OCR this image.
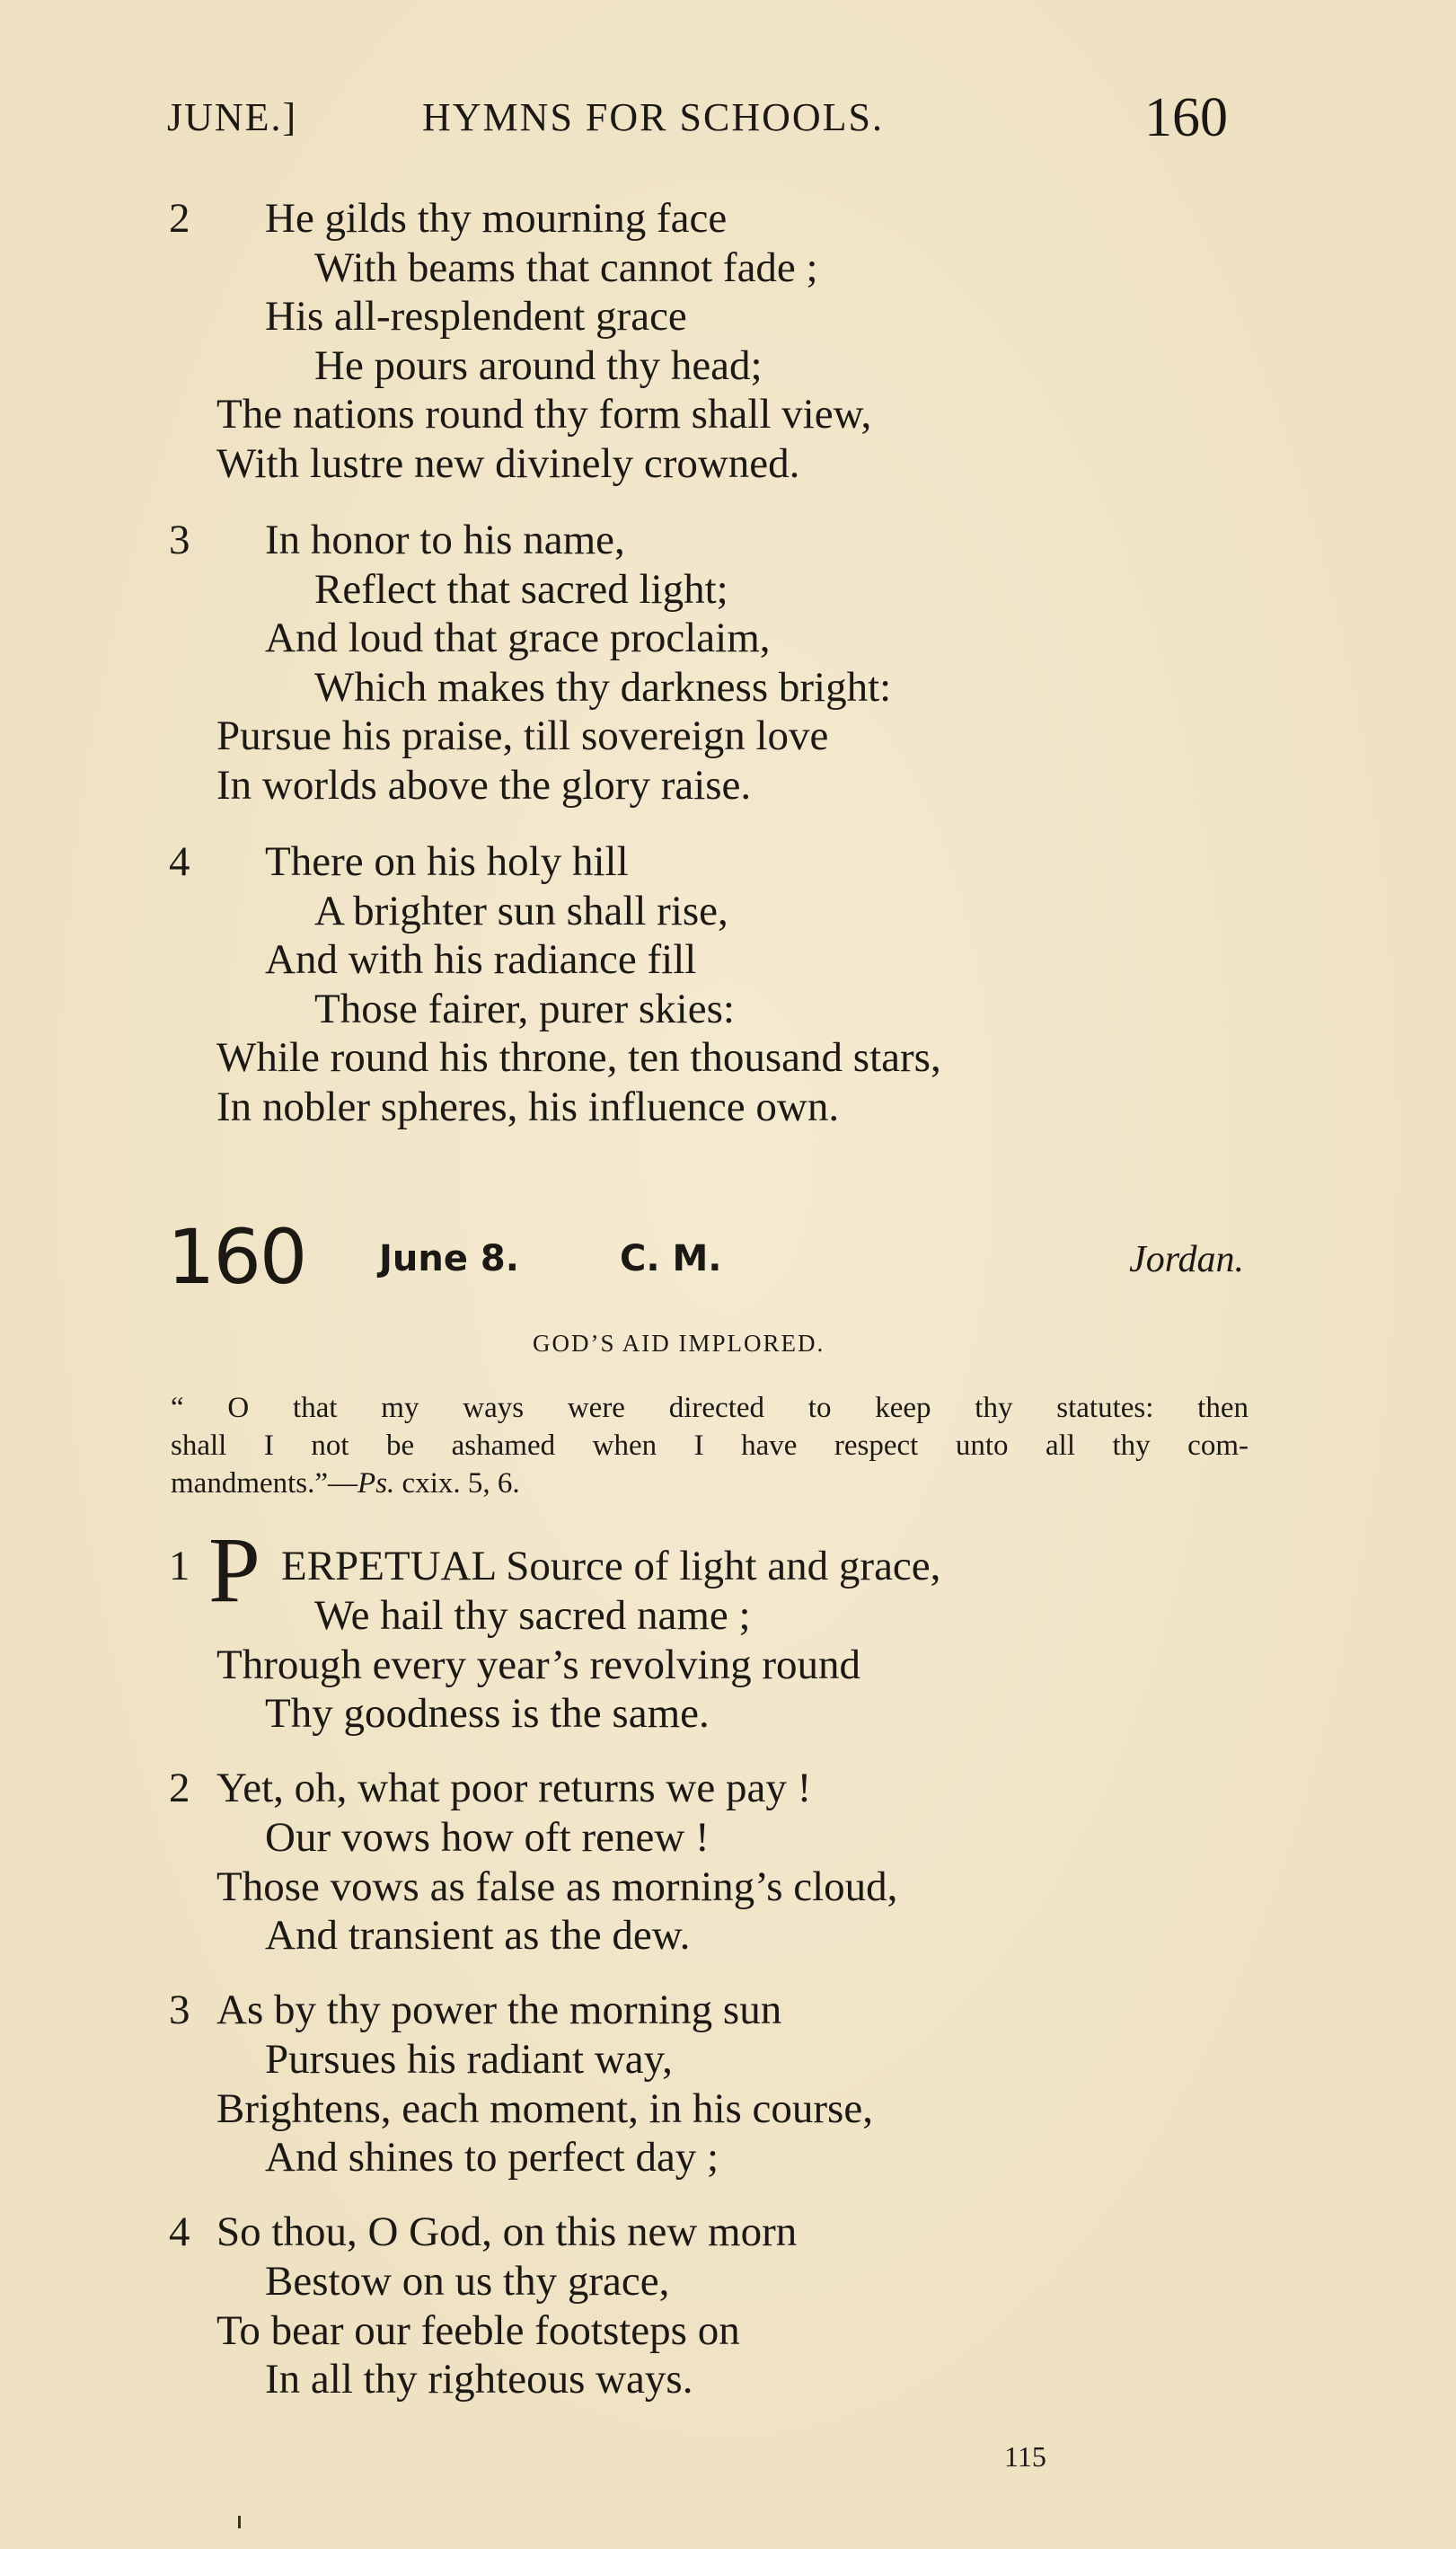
JUNE.]	HYMNS FOR SCHOOLS.	160
2 He gilds thy mourning face
With beams that cannot fade ;
His all-resplendent grace
He pours around thy head;
The nations round thy form shall view,
With lustre new divinely crowned.
3 In honor to his name,
Reflect that sacred light;
And loud that grace proclaim,
Which makes thy darkness bright:
Pursue his praise, till sovereign love
In worlds above the glory raise.
4 There on his holy hill
A brighter sun shall rise,
And with his radiance fill
Those fairer, purer skies:
While round his throne, ten thousand stars,
In nobler spheres, his influence own.
160 June 8.	C. M.	Jordan.
GOD’S AID IMPLORED.
“ O that my ways were directed to keep thy statutes: then
shall I not be ashamed when I have respect unto all thy com-
mandments.”—Ps. cxix. 5, 6.
1 P ERPETUAL Source of light and grace,
We hail thy sacred name ;
Through every year’s revolving round
Thy goodness is the same.
2 Yet, oh, what poor returns we pay !
Our vows how oft renew !
Those vows as false as morning’s cloud,
And transient as the dew.
3 As by thy power the morning sun
Pursues his radiant way,
Brightens, each moment, in his course,
And shines to perfect day ;
4 So thou, O God, on this new morn
Bestow on us thy grace,
To bear our feeble footsteps on
In all thy righteous ways.
115
